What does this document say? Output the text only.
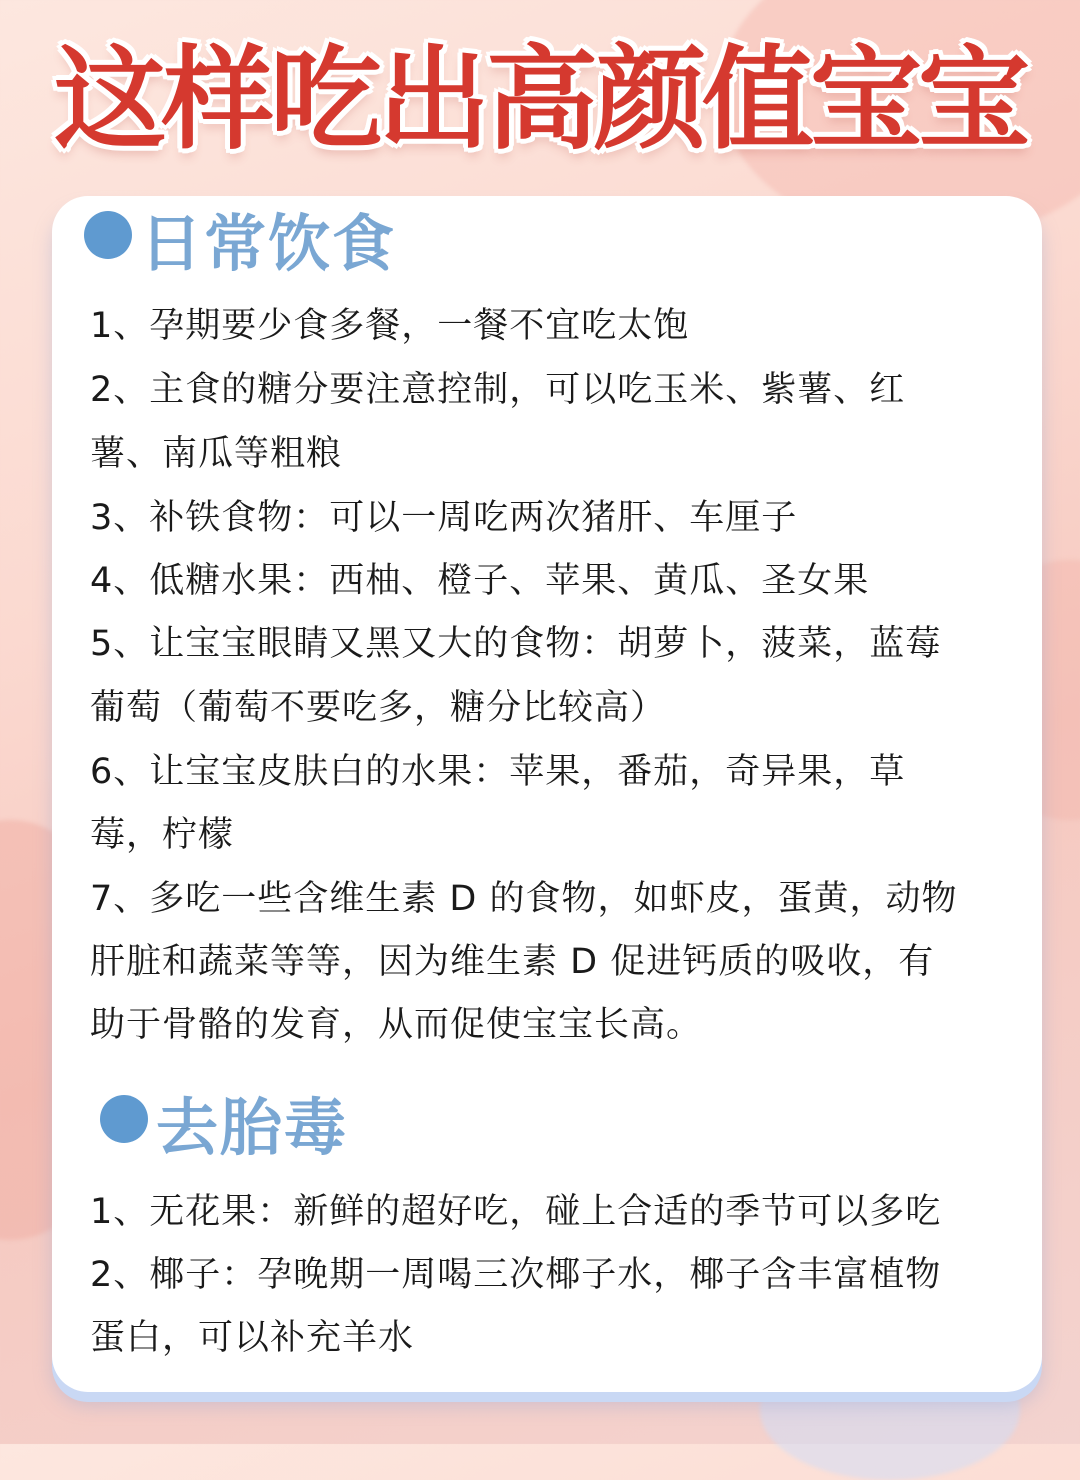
这样吃出高颜值宝宝
日常饮食
1、孕期要少食多餐，一餐不宜吃太饱
2、主食的糖分要注意控制，可以吃玉米、紫薯、红
薯、南瓜等粗粮
3、补铁食物：可以一周吃两次猪肝、车厘子
4、低糖水果：西柚、橙子、苹果、黄瓜、圣女果
5、让宝宝眼睛又黑又大的食物：胡萝卜，菠菜，蓝莓
葡萄（葡萄不要吃多，糖分比较高）
6、让宝宝皮肤白的水果：苹果，番茄，奇异果，草
莓，柠檬
7、多吃一些含维生素 D 的食物，如虾皮，蛋黄，动物
肝脏和蔬菜等等，因为维生素 D 促进钙质的吸收，有
助于骨骼的发育，从而促使宝宝长高。
去胎毒
1、无花果：新鲜的超好吃，碰上合适的季节可以多吃
2、椰子：孕晚期一周喝三次椰子水，椰子含丰富植物
蛋白，可以补充羊水
